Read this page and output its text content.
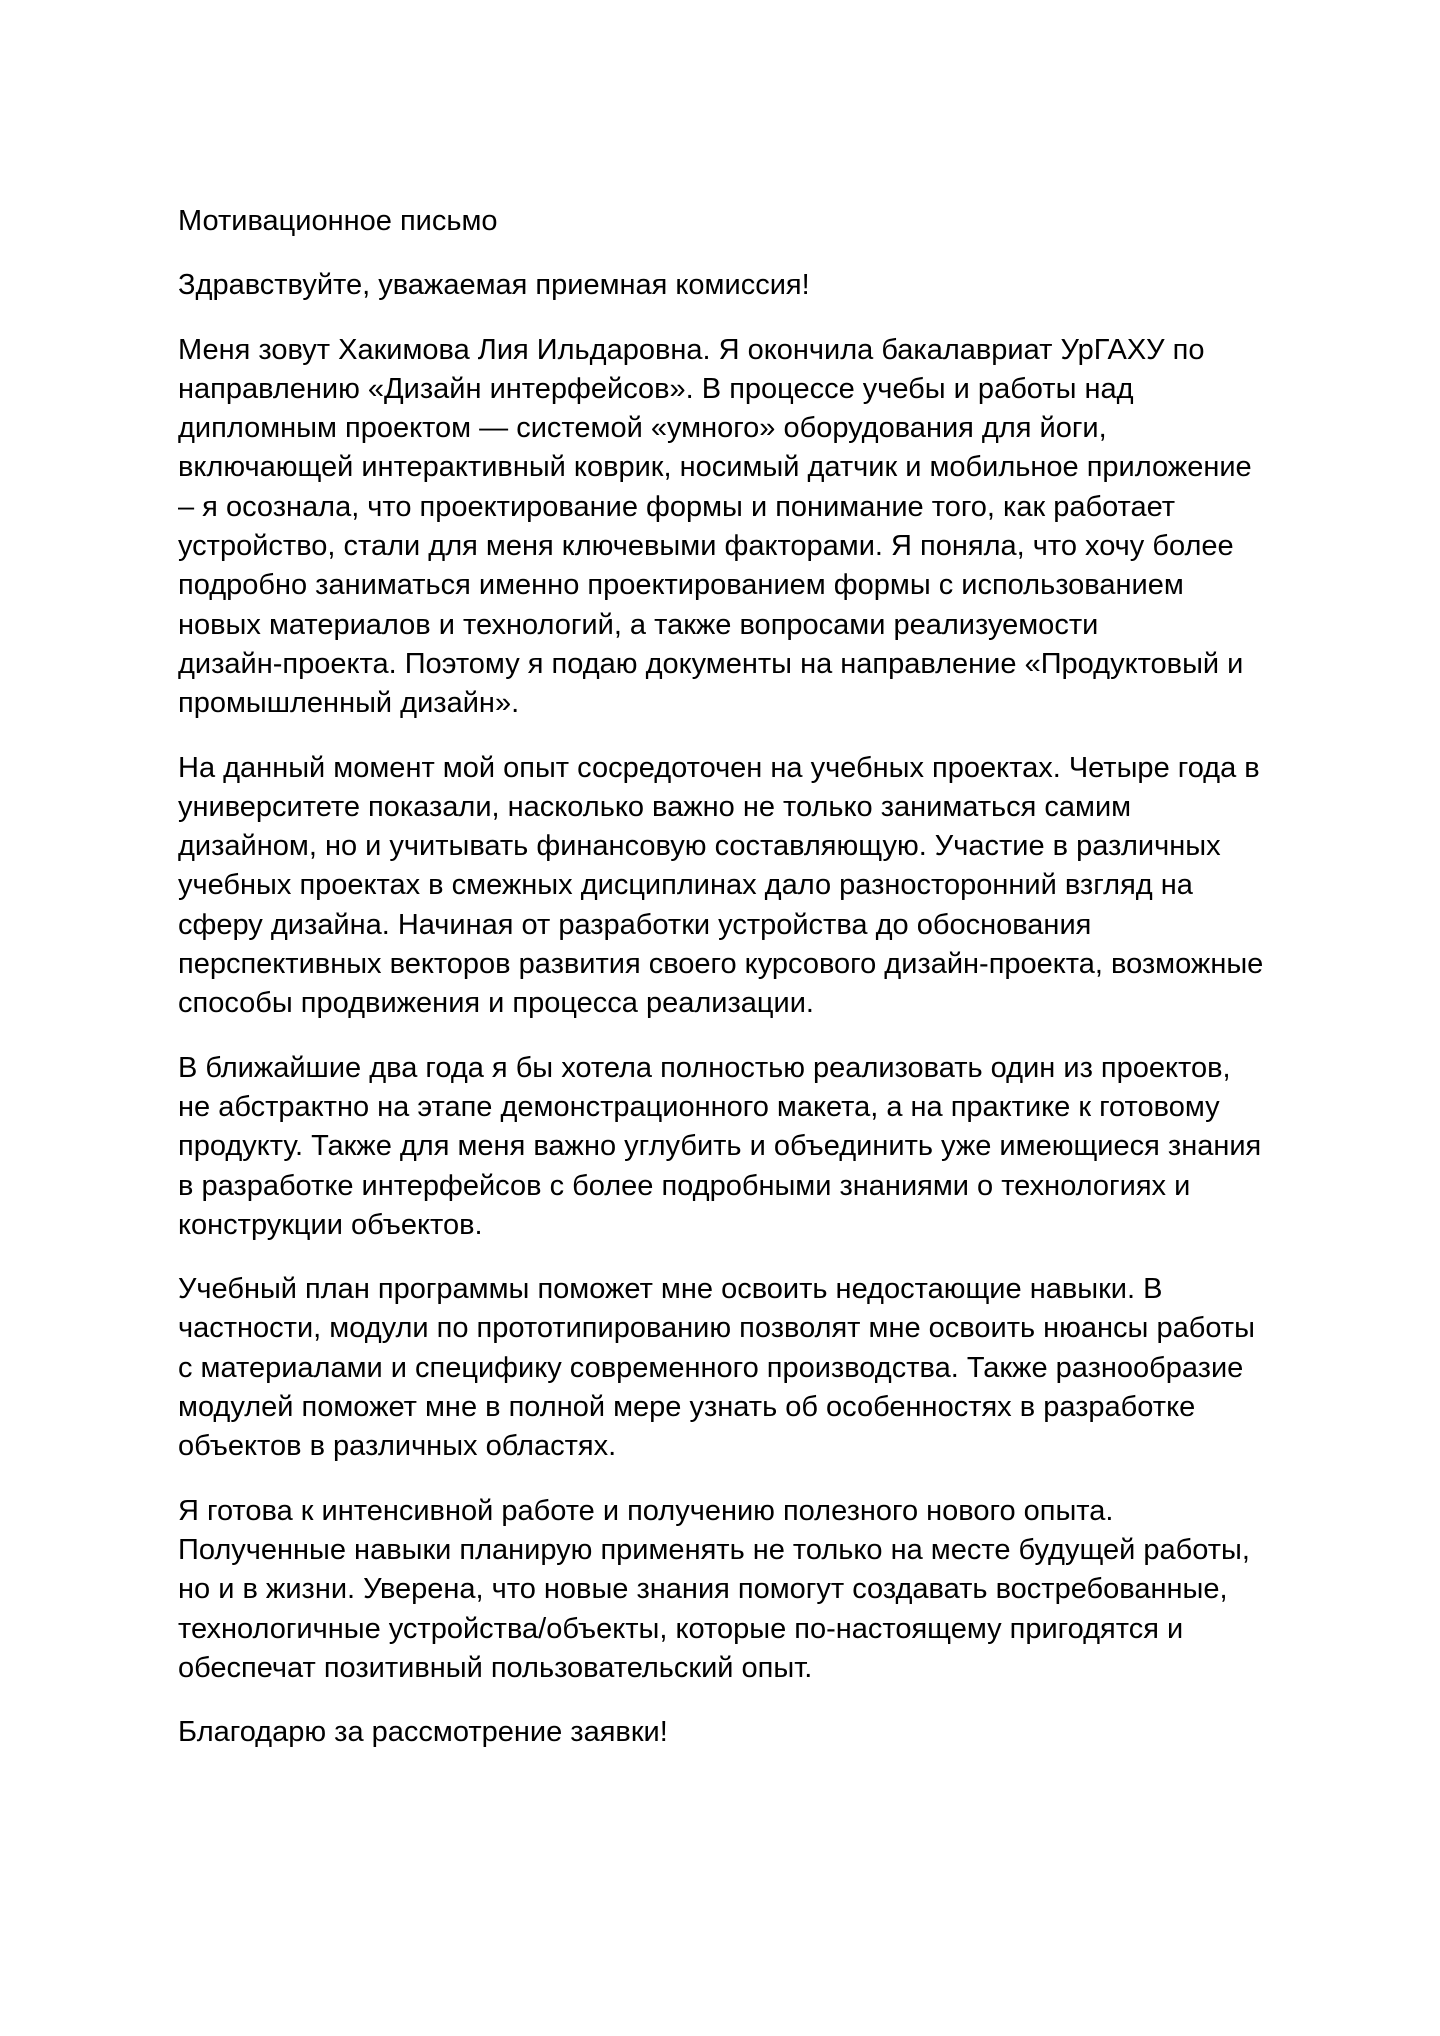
Мотивационное письмо

Здравствуйте, уважаемая приемная комиссия!

Меня зовут Хакимова Лия Ильдаровна. Я окончила бакалавриат УрГАХУ по
направлению «Дизайн интерфейсов». В процессе учебы и работы над
дипломным проектом — системой «умного» оборудования для йоги,
включающей интерактивный коврик, носимый датчик и мобильное приложение
– я осознала, что проектирование формы и понимание того, как работает
устройство, стали для меня ключевыми факторами. Я поняла, что хочу более
подробно заниматься именно проектированием формы с использованием
новых материалов и технологий, а также вопросами реализуемости
дизайн-проекта. Поэтому я подаю документы на направление «Продуктовый и
промышленный дизайн».

На данный момент мой опыт сосредоточен на учебных проектах. Четыре года в
университете показали, насколько важно не только заниматься самим
дизайном, но и учитывать финансовую составляющую. Участие в различных
учебных проектах в смежных дисциплинах дало разносторонний взгляд на
сферу дизайна. Начиная от разработки устройства до обоснования
перспективных векторов развития своего курсового дизайн-проекта, возможные
способы продвижения и процесса реализации.

В ближайшие два года я бы хотела полностью реализовать один из проектов,
не абстрактно на этапе демонстрационного макета, а на практике к готовому
продукту. Также для меня важно углубить и объединить уже имеющиеся знания
в разработке интерфейсов с более подробными знаниями о технологиях и
конструкции объектов.

Учебный план программы поможет мне освоить недостающие навыки. В
частности, модули по прототипированию позволят мне освоить нюансы работы
с материалами и специфику современного производства. Также разнообразие
модулей поможет мне в полной мере узнать об особенностях в разработке
объектов в различных областях.

Я готова к интенсивной работе и получению полезного нового опыта.
Полученные навыки планирую применять не только на месте будущей работы,
но и в жизни. Уверена, что новые знания помогут создавать востребованные,
технологичные устройства/объекты, которые по-настоящему пригодятся и
обеспечат позитивный пользовательский опыт.

Благодарю за рассмотрение заявки!
